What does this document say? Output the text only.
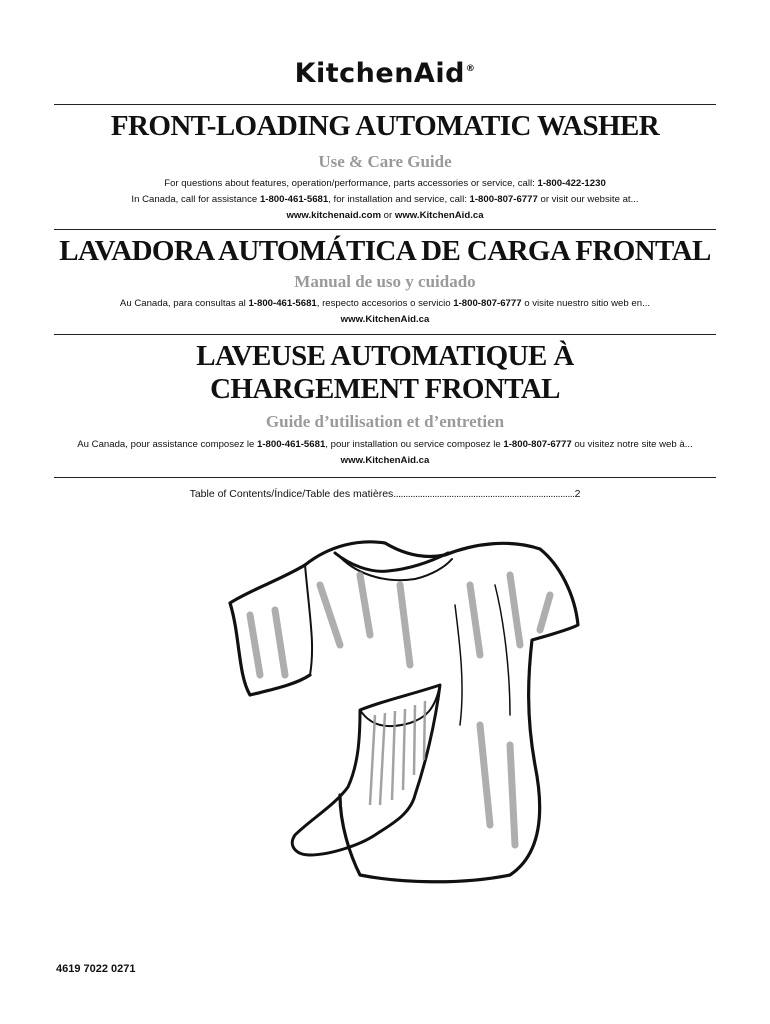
KitchenAid®
FRONT-LOADING AUTOMATIC WASHER
Use & Care Guide
For questions about features, operation/performance, parts accessories or service, call: 1-800-422-1230
In Canada, call for assistance 1-800-461-5681, for installation and service, call: 1-800-807-6777 or visit our website at...
www.kitchenaid.com or www.KitchenAid.ca
LAVADORA AUTOMÁTICA DE CARGA FRONTAL
Manual de uso y cuidado
Au Canada, para consultas al 1-800-461-5681, respecto accesorios o servicio 1-800-807-6777 o visite nuestro sitio web en...
www.KitchenAid.ca
LAVEUSE AUTOMATIQUE À
CHARGEMENT FRONTAL
Guide d’utilisation et d’entretien
Au Canada, pour assistance composez le 1-800-461-5681, pour installation ou service composez le 1-800-807-6777 ou visitez notre site web à...
www.KitchenAid.ca
Table of Contents/Índice/Table des matières...........................................................................2
4619 7022 0271
